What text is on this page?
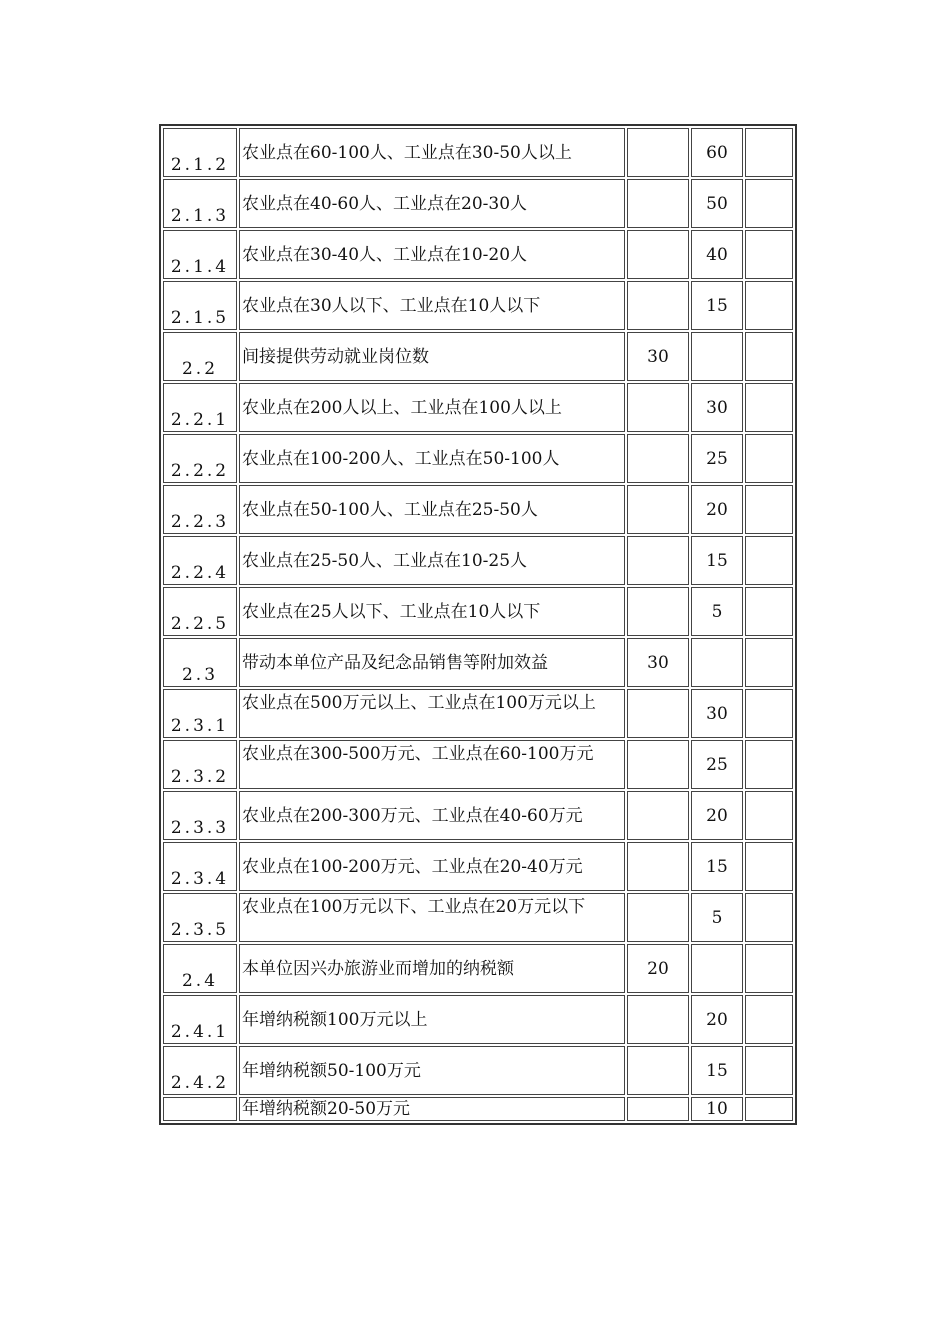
2.1.2	农业点在60-100人、工业点在30-50人以上		60	
2.1.3	农业点在40-60人、工业点在20-30人		50	
2.1.4	农业点在30-40人、工业点在10-20人		40	
2.1.5	农业点在30人以下、工业点在10人以下		15	
2.2	间接提供劳动就业岗位数	30		
2.2.1	农业点在200人以上、工业点在100人以上		30	
2.2.2	农业点在100-200人、工业点在50-100人		25	
2.2.3	农业点在50-100人、工业点在25-50人		20	
2.2.4	农业点在25-50人、工业点在10-25人		15	
2.2.5	农业点在25人以下、工业点在10人以下		5	
2.3	带动本单位产品及纪念品销售等附加效益	30		
2.3.1	农业点在500万元以上、工业点在100万元以上		30	
2.3.2	农业点在300-500万元、工业点在60-100万元		25	
2.3.3	农业点在200-300万元、工业点在40-60万元		20	
2.3.4	农业点在100-200万元、工业点在20-40万元		15	
2.3.5	农业点在100万元以下、工业点在20万元以下		5	
2.4	本单位因兴办旅游业而增加的纳税额	20		
2.4.1	年增纳税额100万元以上		20	
2.4.2	年增纳税额50-100万元		15	
	年增纳税额20-50万元		10	
